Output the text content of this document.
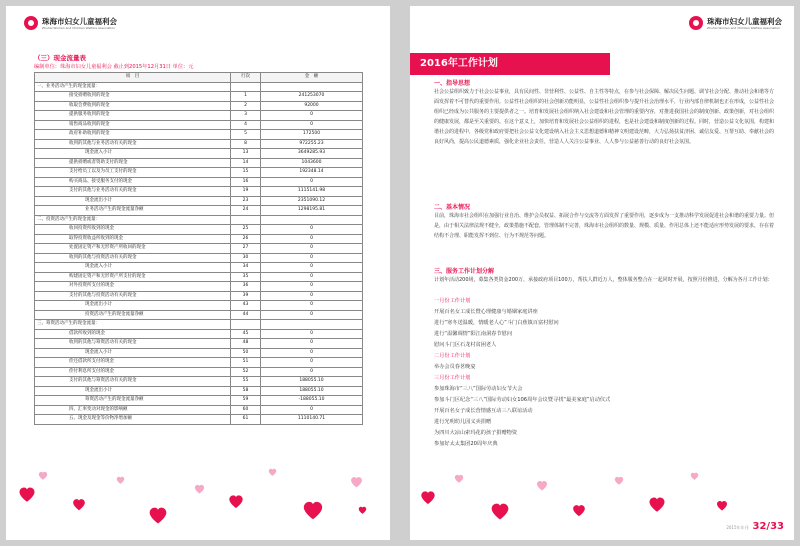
珠海市妇女儿童福利会
Zhuhai Women and Children Welfare Association
（三）现金流量表
编制单位：珠海市妇女儿童福利会 截止到2015年12月31日 单位：元
项　目	行次	金　额
一、业务活动产生的现金流量：		
接受捐赠收到的现金	1	241253070
收取会费收到的现金	2	92000
提供服务收到的现金	3	0
销售商品收到的现金	4	0
政府补助收到的现金	5	172500
收到的其他与业务活动有关的现金	8	972255.23
现金流入小计	13	3649285.93
提供捐赠或者资助支付的现金	14	1043600
支付给员工以及为员工支付的现金	15	192348.14
购买商品、接受服务支付的现金	16	0
支付的其他与业务活动有关的现金	19	1115141.98
现金流出小计	23	2351090.12
业务活动产生的现金流量净额	24	1298195.81
二、投资活动产生的现金流量：		
收回投资所收到的现金	25	0
取得投资收益所收到的现金	26	0
处置固定资产和无形资产所收回的现金	27	0
收到的其他与投资活动有关的现金	30	0
现金流入小计	34	0
购建固定资产和无形资产所支付的现金	35	0
对外投资所支付的现金	36	0
支付的其他与投资活动有关的现金	39	0
现金流出小计	43	0
投资活动产生的现金流量净额	44	0
三、筹资活动产生的现金流量：		
借款所收到的现金	45	0
收到的其他与筹资活动有关的现金	48	0
现金流入小计	50	0
偿还借款所支付的现金	51	0
偿付利息所支付的现金	52	0
支付的其他与筹资活动有关的现金	55	188055.10
现金流出小计	58	188055.10
筹资活动产生的现金流量净额	59	-188055.10
四、汇率变动对现金的影响额	60	0
五、现金及现金等价物净增加额	61	1110140.71
珠海市妇女儿童福利会
Zhuhai Women and Children Welfare Association
2016年工作计划
一、指导思想

社会公益组织致力于社会公益事业，具有民间性、非营利性、公益性、自主性等特点，在参与社会保障、解决民生问题、调节社会分配、推动社会和谐等方面发挥着不可替代的重要作用。公益性社会组织的社会创新功能明显，公益性社会组织参与提升社会治理水平，行业内部自律机制也正在形成，公益性社会组织已经成为公共服务的主要提供者之一。培育和发展社会组织纳入社会建设和社会管理的重要内容，对推进我国社会的制度创新、政策创新，对社会组织的健康发展，都是至关重要的。在这个意义上，加快培育和发展社会公益组织的进程，也是社会建设和制度创新的过程。同时，营造公益文化氛围，构建和谐社会的进程中，各级党和政府要把社会公益文化建设纳入社会主义思想道德和精神文明建设范畴，大力弘扬扶贫济困、诚信友爱、互帮互助、奉献社会的良好风尚，提高公民道德素质，强化企业社会责任，营造人人关注公益事业、人人参与公益慈善行动的良好社会氛围。

二、基本情况

目前，珠海市社会组织在加强行业自治、维护会员权益、拓展合作与交流等方面发挥了重要作用，逐步成为一支推动科学发展促进社会和谐的重要力量。但是，由于相关法律法规不健全，政策措施不配套，管理体制不完善，珠海市社会组织的数量、规模、质量、作用总体上还不能适应形势发展的要求，存在着结构不合理、职能发挥不到位、行为不规范等问题。

三、服务工作计划分解

计划年活动200场，募集各类资金200万，承接政府项目100万，帮扶人群近万人，整体服务整合在一起同时开展，按照月份推进，分解为各月工作计划：

一月份工作计划
开展百名女工成长暨心理健康与婚姻家庭讲座
进行“寒冬送温暖，情暖老人心”斗门白蕉镇百富村慰问
进行“温馨调情”阳江南洞春节慰问
慰问斗门区石龙村贫困老人
二月份工作计划
举办会员春茗晚宴
三月份工作计划
参加珠海市“三八”国际劳动妇女节大会
参加斗门区纪念“三八”国际劳动妇女106周年会议暨寻找“最美家庭”启动仪式
开展百名女子成长营情感互动三八联谊活动
进行光明幼儿园义卖捐赠
为四川大凉山索玛花的孩子捐赠物资
参加好太太集团20周年庆典
2015年年刊 32/33
